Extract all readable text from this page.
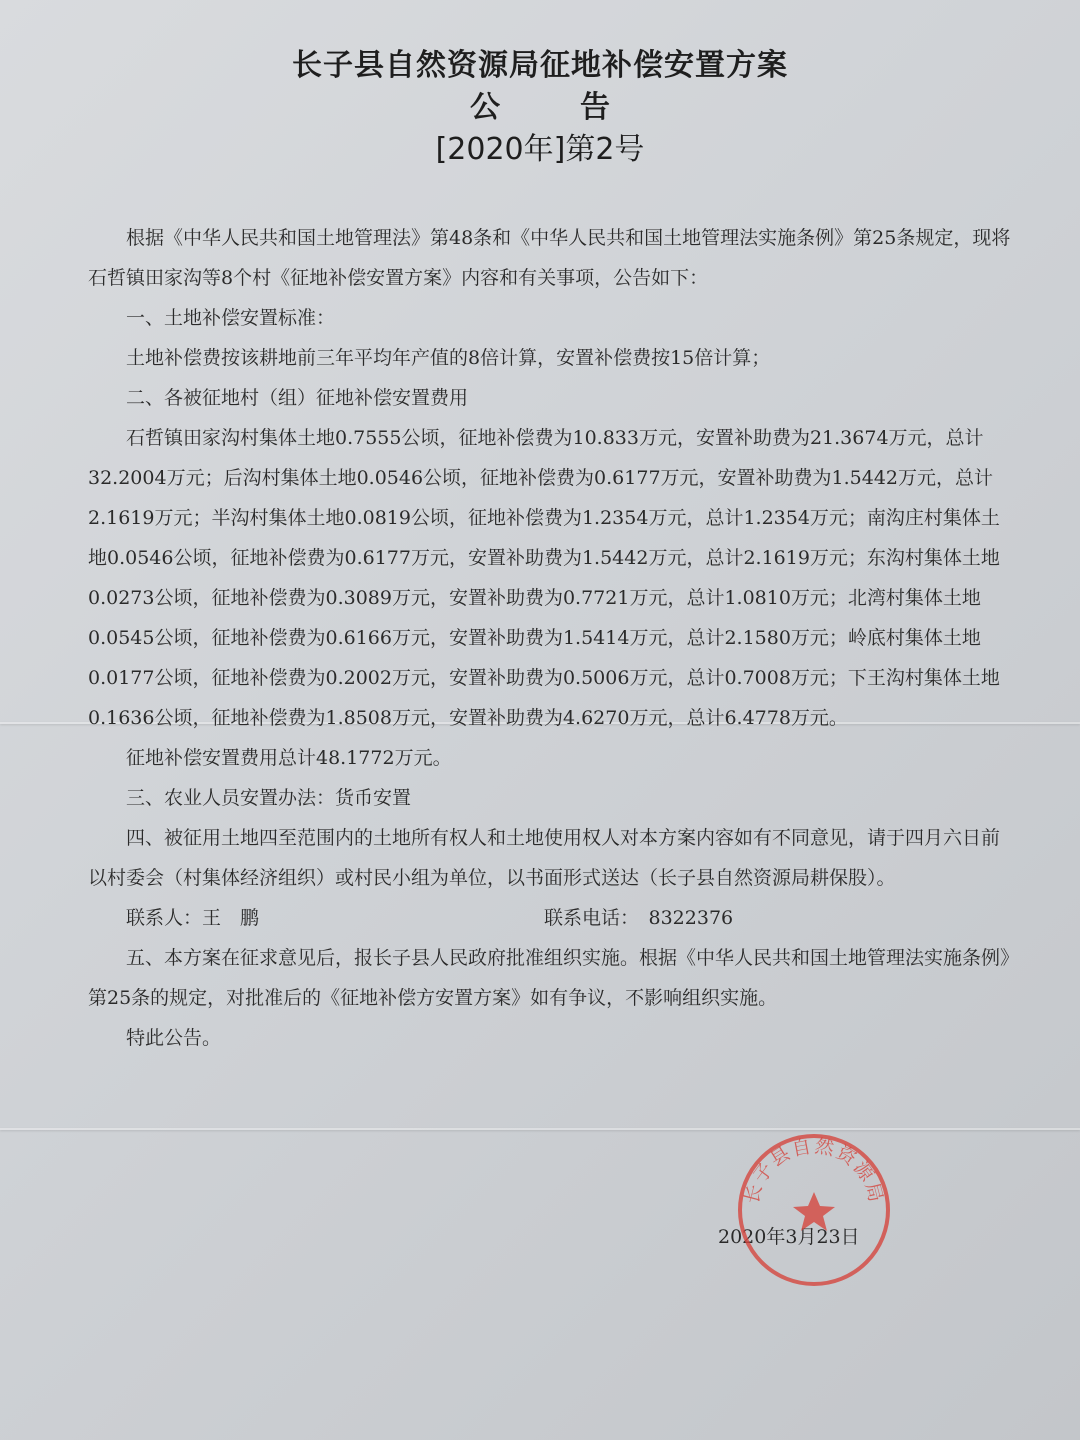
长子县自然资源局征地补偿安置方案
公	告
[2020年]第2号

根据《中华人民共和国土地管理法》第48条和《中华人民共和国土地管理法实施条例》第25条规定，现将石哲镇田家沟等8个村《征地补偿安置方案》内容和有关事项，公告如下：

一、土地补偿安置标准：

土地补偿费按该耕地前三年平均年产值的8倍计算，安置补偿费按15倍计算；

二、各被征地村（组）征地补偿安置费用

石哲镇田家沟村集体土地0.7555公顷，征地补偿费为10.833万元，安置补助费为21.3674万元，总计32.2004万元；后沟村集体土地0.0546公顷，征地补偿费为0.6177万元，安置补助费为1.5442万元，总计2.1619万元；半沟村集体土地0.0819公顷，征地补偿费为1.2354万元，总计1.2354万元；南沟庄村集体土地0.0546公顷，征地补偿费为0.6177万元，安置补助费为1.5442万元，总计2.1619万元；东沟村集体土地0.0273公顷，征地补偿费为0.3089万元，安置补助费为0.7721万元，总计1.0810万元；北湾村集体土地0.0545公顷，征地补偿费为0.6166万元，安置补助费为1.5414万元，总计2.1580万元；岭底村集体土地0.0177公顷，征地补偿费为0.2002万元，安置补助费为0.5006万元，总计0.7008万元；下王沟村集体土地0.1636公顷，征地补偿费为1.8508万元，安置补助费为4.6270万元，总计6.4778万元。

征地补偿安置费用总计48.1772万元。

三、农业人员安置办法：货币安置

四、被征用土地四至范围内的土地所有权人和土地使用权人对本方案内容如有不同意见，请于四月六日前以村委会（村集体经济组织）或村民小组为单位，以书面形式送达（长子县自然资源局耕保股）。

联系人：王　鹏	联系电话：　8322376

五、本方案在征求意见后，报长子县人民政府批准组织实施。根据《中华人民共和国土地管理法实施条例》第25条的规定，对批准后的《征地补偿方安置方案》如有争议，不影响组织实施。

特此公告。

2020年3月23日
长子县自然资源局
